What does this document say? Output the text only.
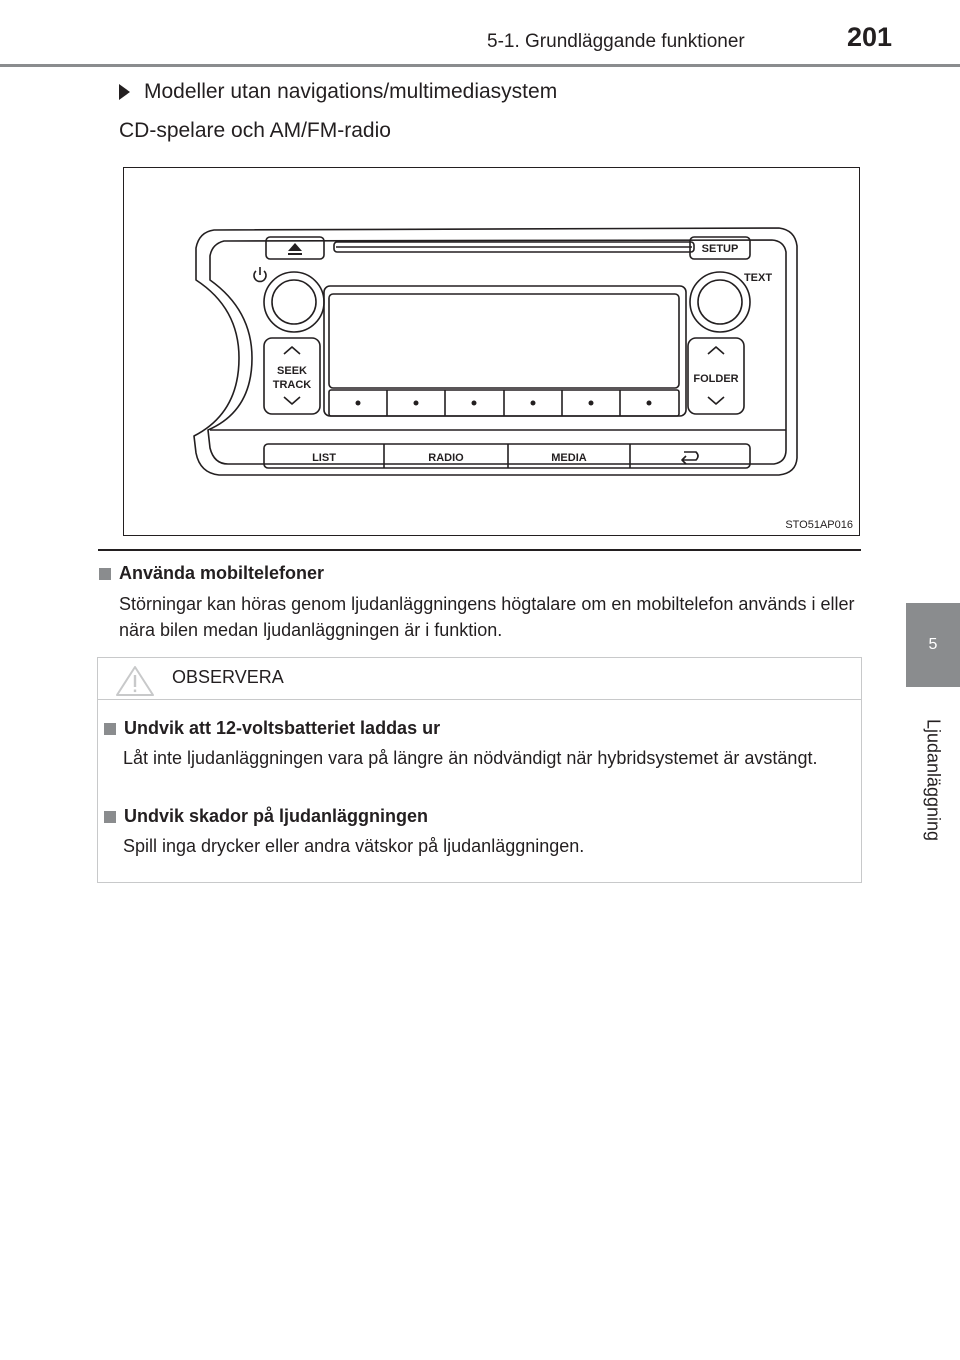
5-1. Grundläggande funktioner	201
5
Ljudanläggning
Modeller utan navigations/multimediasystem
CD-spelare och AM/FM-radio
SETUP
TEXT
SEEK
TRACK	FOLDER
LIST	RADIO	MEDIA
STO51AP016
Använda mobiltelefoner
Störningar kan höras genom ljudanläggningens högtalare om en mobiltelefon används i eller nära bilen medan ljudanläggningen är i funktion.
OBSERVERA
Undvik att 12-voltsbatteriet laddas ur
Låt inte ljudanläggningen vara på längre än nödvändigt när hybridsystemet är avstängt.
Undvik skador på ljudanläggningen
Spill inga drycker eller andra vätskor på ljudanläggningen.
